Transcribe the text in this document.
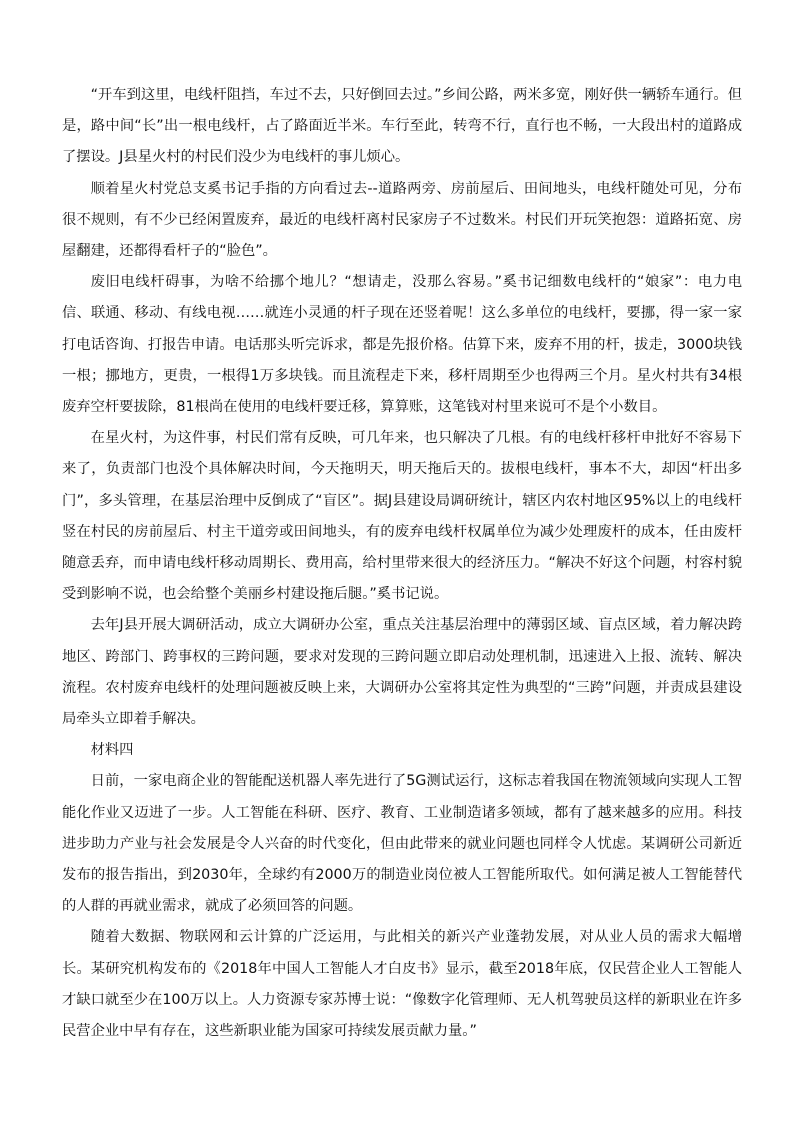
“开车到这里，电线杆阻挡，车过不去，只好倒回去过。”乡间公路，两米多宽，刚好供一辆轿车通行。但是，路中间“长”出一根电线杆，占了路面近半米。车行至此，转弯不行，直行也不畅，一大段出村的道路成了摆设。J县星火村的村民们没少为电线杆的事儿烦心。

顺着星火村党总支奚书记手指的方向看过去--道路两旁、房前屋后、田间地头，电线杆随处可见，分布很不规则，有不少已经闲置废弃，最近的电线杆离村民家房子不过数米。村民们开玩笑抱怨：道路拓宽、房屋翻建，还都得看杆子的“脸色”。

废旧电线杆碍事，为啥不给挪个地儿？“想请走，没那么容易。”奚书记细数电线杆的“娘家”：电力电信、联通、移动、有线电视……就连小灵通的杆子现在还竖着呢！这么多单位的电线杆，要挪，得一家一家打电话咨询、打报告申请。电话那头听完诉求，都是先报价格。估算下来，废弃不用的杆，拔走，3000块钱一根；挪地方，更贵，一根得1万多块钱。而且流程走下来，移杆周期至少也得两三个月。星火村共有34根废弃空杆要拔除，81根尚在使用的电线杆要迁移，算算账，这笔钱对村里来说可不是个小数目。

在星火村，为这件事，村民们常有反映，可几年来，也只解决了几根。有的电线杆移杆申批好不容易下来了，负责部门也没个具体解决时间，今天拖明天，明天拖后天的。拔根电线杆，事本不大，却因“杆出多门”，多头管理，在基层治理中反倒成了“盲区”。据J县建设局调研统计，辖区内农村地区95%以上的电线杆竖在村民的房前屋后、村主干道旁或田间地头，有的废弃电线杆权属单位为减少处理废杆的成本，任由废杆随意丢弃，而申请电线杆移动周期长、费用高，给村里带来很大的经济压力。“解决不好这个问题，村容村貌受到影响不说，也会给整个美丽乡村建设拖后腿。”奚书记说。

去年J县开展大调研活动，成立大调研办公室，重点关注基层治理中的薄弱区域、盲点区域，着力解决跨地区、跨部门、跨事权的三跨问题，要求对发现的三跨问题立即启动处理机制，迅速进入上报、流转、解决流程。农村废弃电线杆的处理问题被反映上来，大调研办公室将其定性为典型的“三跨”问题，并责成县建设局牵头立即着手解决。

材料四

日前，一家电商企业的智能配送机器人率先进行了5G测试运行，这标志着我国在物流领域向实现人工智能化作业又迈进了一步。人工智能在科研、医疗、教育、工业制造诸多领域，都有了越来越多的应用。科技进步助力产业与社会发展是令人兴奋的时代变化，但由此带来的就业问题也同样令人忧虑。某调研公司新近发布的报告指出，到2030年，全球约有2000万的制造业岗位被人工智能所取代。如何满足被人工智能替代的人群的再就业需求，就成了必须回答的问题。

随着大数据、物联网和云计算的广泛运用，与此相关的新兴产业蓬勃发展，对从业人员的需求大幅增长。某研究机构发布的《2018年中国人工智能人才白皮书》显示，截至2018年底，仅民营企业人工智能人才缺口就至少在100万以上。人力资源专家苏博士说：“像数字化管理师、无人机驾驶员这样的新职业在许多民营企业中早有存在，这些新职业能为国家可持续发展贡献力量。”
